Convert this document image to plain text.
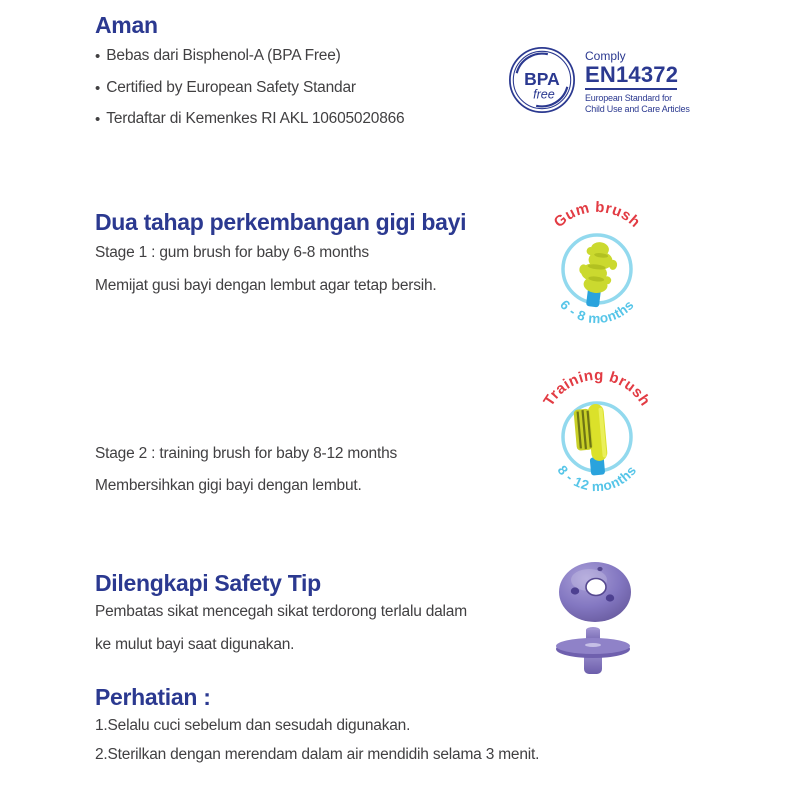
Aman
• Bebas dari Bisphenol-A (BPA Free)
• Certified by European Safety Standar
• Terdaftar di Kemenkes RI AKL 10605020866
BPA
free
Comply
EN14372
European Standard for
Child Use and Care Articles
Dua tahap perkembangan gigi bayi
Stage 1 : gum brush for baby 6-8 months
Memijat gusi bayi dengan lembut agar tetap bersih.
Gum brush
6 - 8 months
Stage 2 : training brush for baby 8-12 months
Membersihkan gigi bayi dengan lembut.
Training brush
8 - 12 months
Dilengkapi Safety Tip
Pembatas sikat mencegah sikat terdorong terlalu dalam
ke mulut bayi saat digunakan.
Perhatian :
1.Selalu cuci sebelum dan sesudah digunakan.
2.Sterilkan dengan merendam dalam air mendidih selama 3 menit.
